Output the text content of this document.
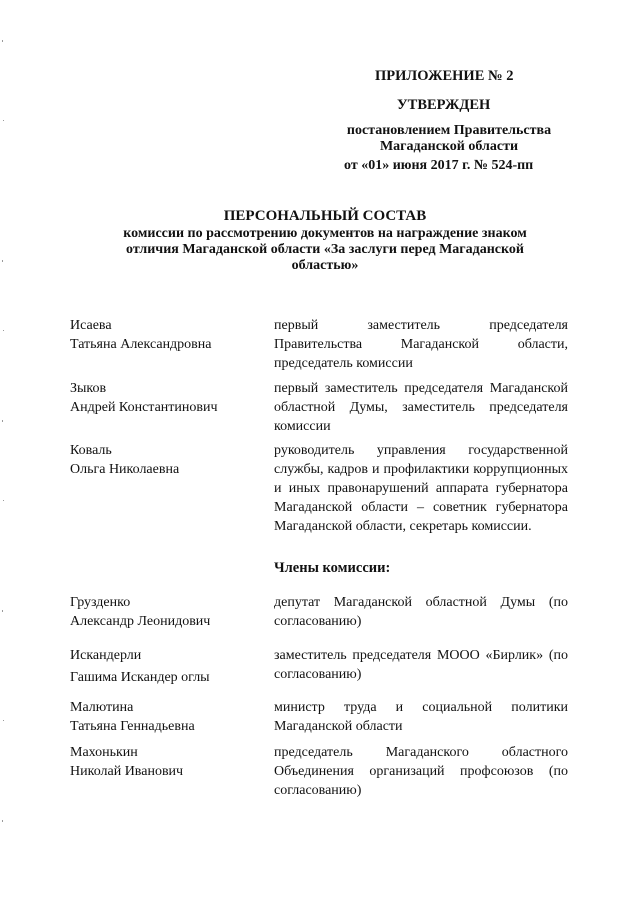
ПРИЛОЖЕНИЕ № 2
УТВЕРЖДЕН
постановлением Правительства Магаданской области
от «01» июня 2017 г. № 524-пп
ПЕРСОНАЛЬНЫЙ СОСТАВ
комиссии по рассмотрению документов на награждение знаком отличия Магаданской области «За заслуги перед Магаданской областью»
Исаева
Татьяна Александровна
первый заместитель председателя Правительства Магаданской области, председатель комиссии
Зыков
Андрей Константинович
первый заместитель председателя Магаданской областной Думы, заместитель председателя комиссии
Коваль
Ольга Николаевна
руководитель управления государственной службы, кадров и профилактики коррупционных и иных правонарушений аппарата губернатора Магаданской области – советник губернатора Магаданской области, секретарь комиссии.
Члены комиссии:
Грузденко
Александр Леонидович
депутат Магаданской областной Думы (по согласованию)
Искандерли
Гашима Искандер оглы
заместитель председателя МООО «Бирлик» (по согласованию)
Малютина
Татьяна Геннадьевна
министр труда и социальной политики Магаданской области
Махонькин
Николай Иванович
председатель Магаданского областного Объединения организаций профсоюзов (по согласованию)
